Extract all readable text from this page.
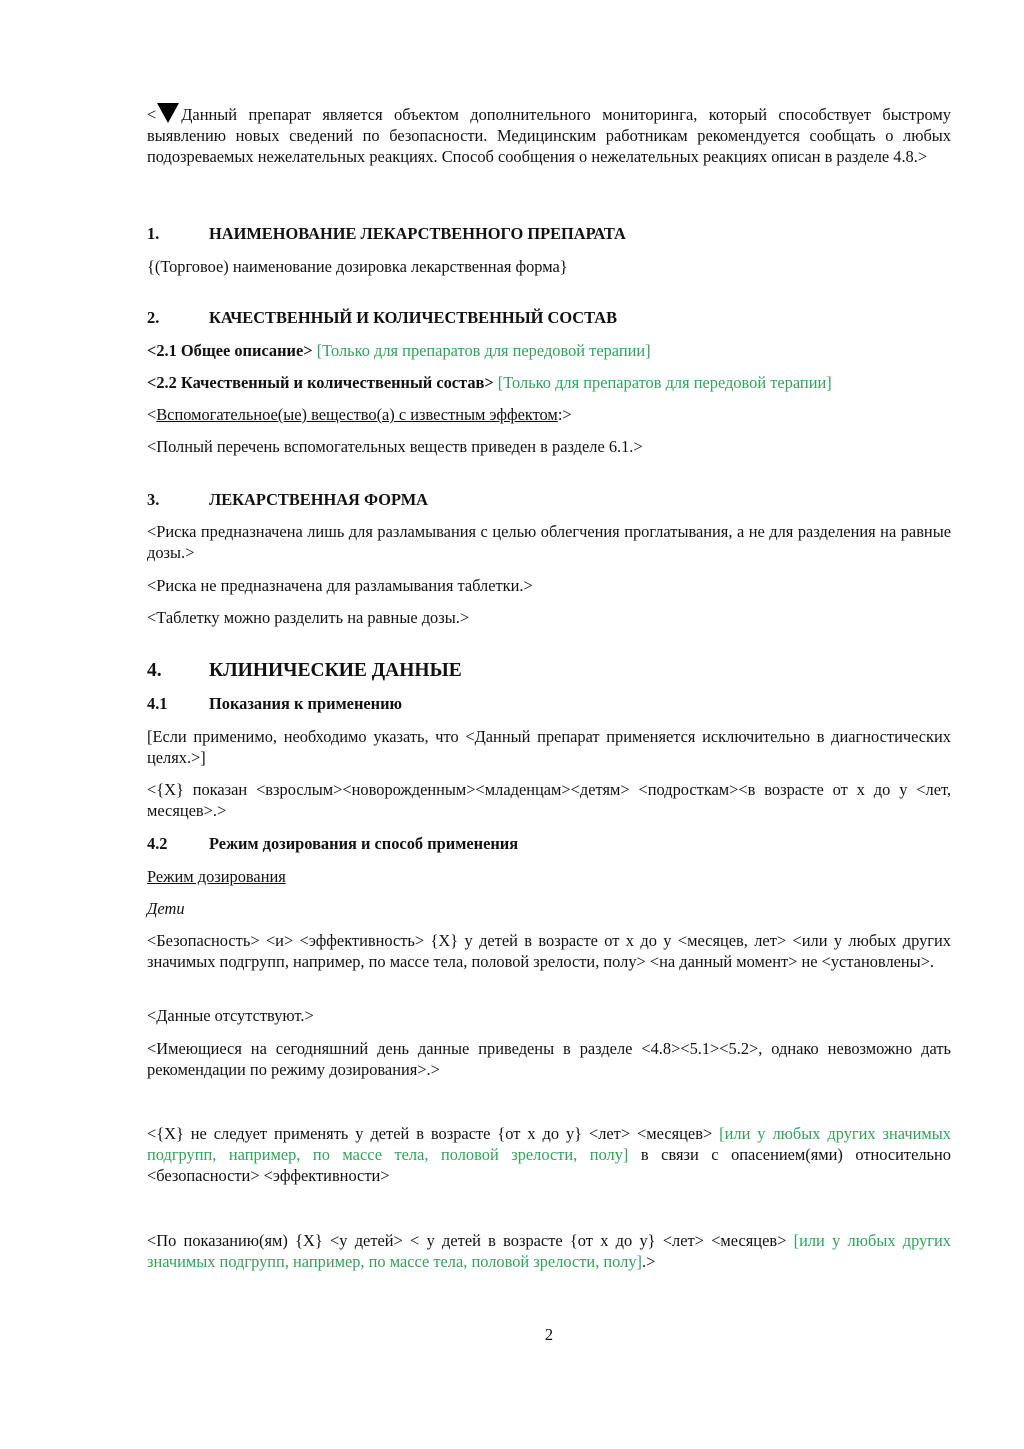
< Данный препарат является объектом дополнительного мониторинга, который способствует быстрому выявлению новых сведений по безопасности. Медицинским работникам рекомендуется сообщать о любых подозреваемых нежелательных реакциях. Способ сообщения о нежелательных реакциях описан в разделе 4.8.>

1.	НАИМЕНОВАНИЕ ЛЕКАРСТВЕННОГО ПРЕПАРАТА

{(Торговое) наименование дозировка лекарственная форма}

2.	КАЧЕСТВЕННЫЙ И КОЛИЧЕСТВЕННЫЙ СОСТАВ

<2.1 Общее описание> [Только для препаратов для передовой терапии]

<2.2 Качественный и количественный состав> [Только для препаратов для передовой терапии]

<Вспомогательное(ые) вещество(а) с известным эффектом:>

<Полный перечень вспомогательных веществ приведен в разделе 6.1.>

3.	ЛЕКАРСТВЕННАЯ ФОРМА

<Риска предназначена лишь для разламывания с целью облегчения проглатывания, а не для разделения на равные дозы.>

<Риска не предназначена для разламывания таблетки.>

<Таблетку можно разделить на равные дозы.>

4.	КЛИНИЧЕСКИЕ ДАННЫЕ
4.1	Показания к применению

[Если применимо, необходимо указать, что <Данный препарат применяется исключительно в диагностических целях.>]

<{X} показан <взрослым><новорожденным><младенцам><детям> <подросткам><в возрасте от x до y <лет, месяцев>.>

4.2	Режим дозирования и способ применения

Режим дозирования

Дети

<Безопасность> <и> <эффективность> {X} у детей в возрасте от x до y <месяцев, лет> <или у любых других значимых подгрупп, например, по массе тела, половой зрелости, полу> <на данный момент> не <установлены>.

<Данные отсутствуют.>

<Имеющиеся на сегодняшний день данные приведены в разделе <4.8><5.1><5.2>, однако невозможно дать рекомендации по режиму дозирования>.>

<{X} не следует применять у детей в возрасте {от x до y} <лет> <месяцев> [или у любых других значимых подгрупп, например, по массе тела, половой зрелости, полу] в связи с опасением(ями) относительно <безопасности> <эффективности>

<По показанию(ям) {X} <у детей> < у детей в возрасте {от x до y} <лет> <месяцев> [или у любых других значимых подгрупп, например, по массе тела, половой зрелости, полу].>

2
